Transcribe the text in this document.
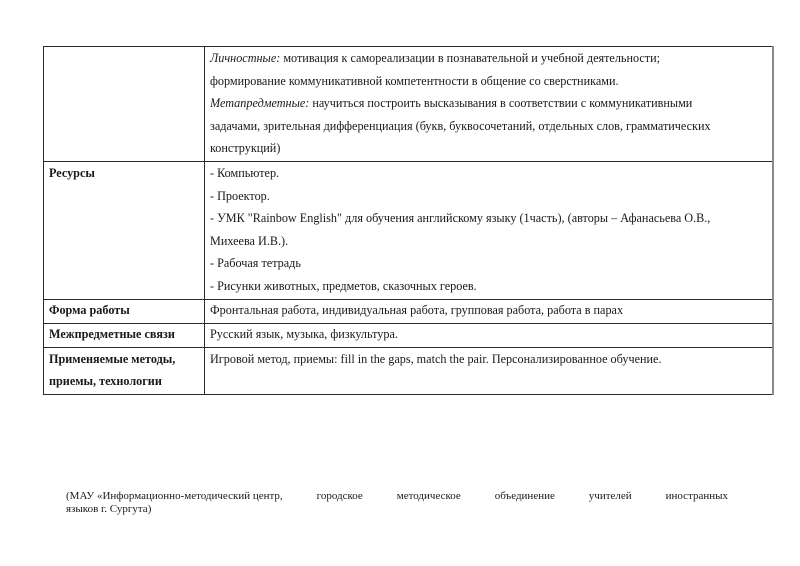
	Личностные: мотивация к самореализации в познавательной и учебной деятельности;
формирование коммуникативной компетентности в общение со сверстниками.
Метапредметные: научиться построить высказывания в соответствии с коммуникативными
задачами, зрительная дифференциация (букв, буквосочетаний, отдельных слов, грамматических
конструкций)

Ресурсы	- Компьютер.
- Проектор.
- УМК "Rainbow English" для обучения английскому языку (1часть), (авторы – Афанасьева О.В.,
Михеева И.В.).
- Рабочая тетрадь
- Рисунки животных, предметов, сказочных героев.

Форма работы	Фронтальная работа, индивидуальная работа, групповая работа, работа в парах
Межпредметные связи	Русский язык, музыка, физкультура.

Применяемые методы,
приемы, технологии	Игровой метод, приемы: fill in the gaps, match the pair. Персонализированное обучение.
(МАУ «Информационно-методический центр,	городское	методическое	объединение	учителей	иностранных
языков г. Сургута)
